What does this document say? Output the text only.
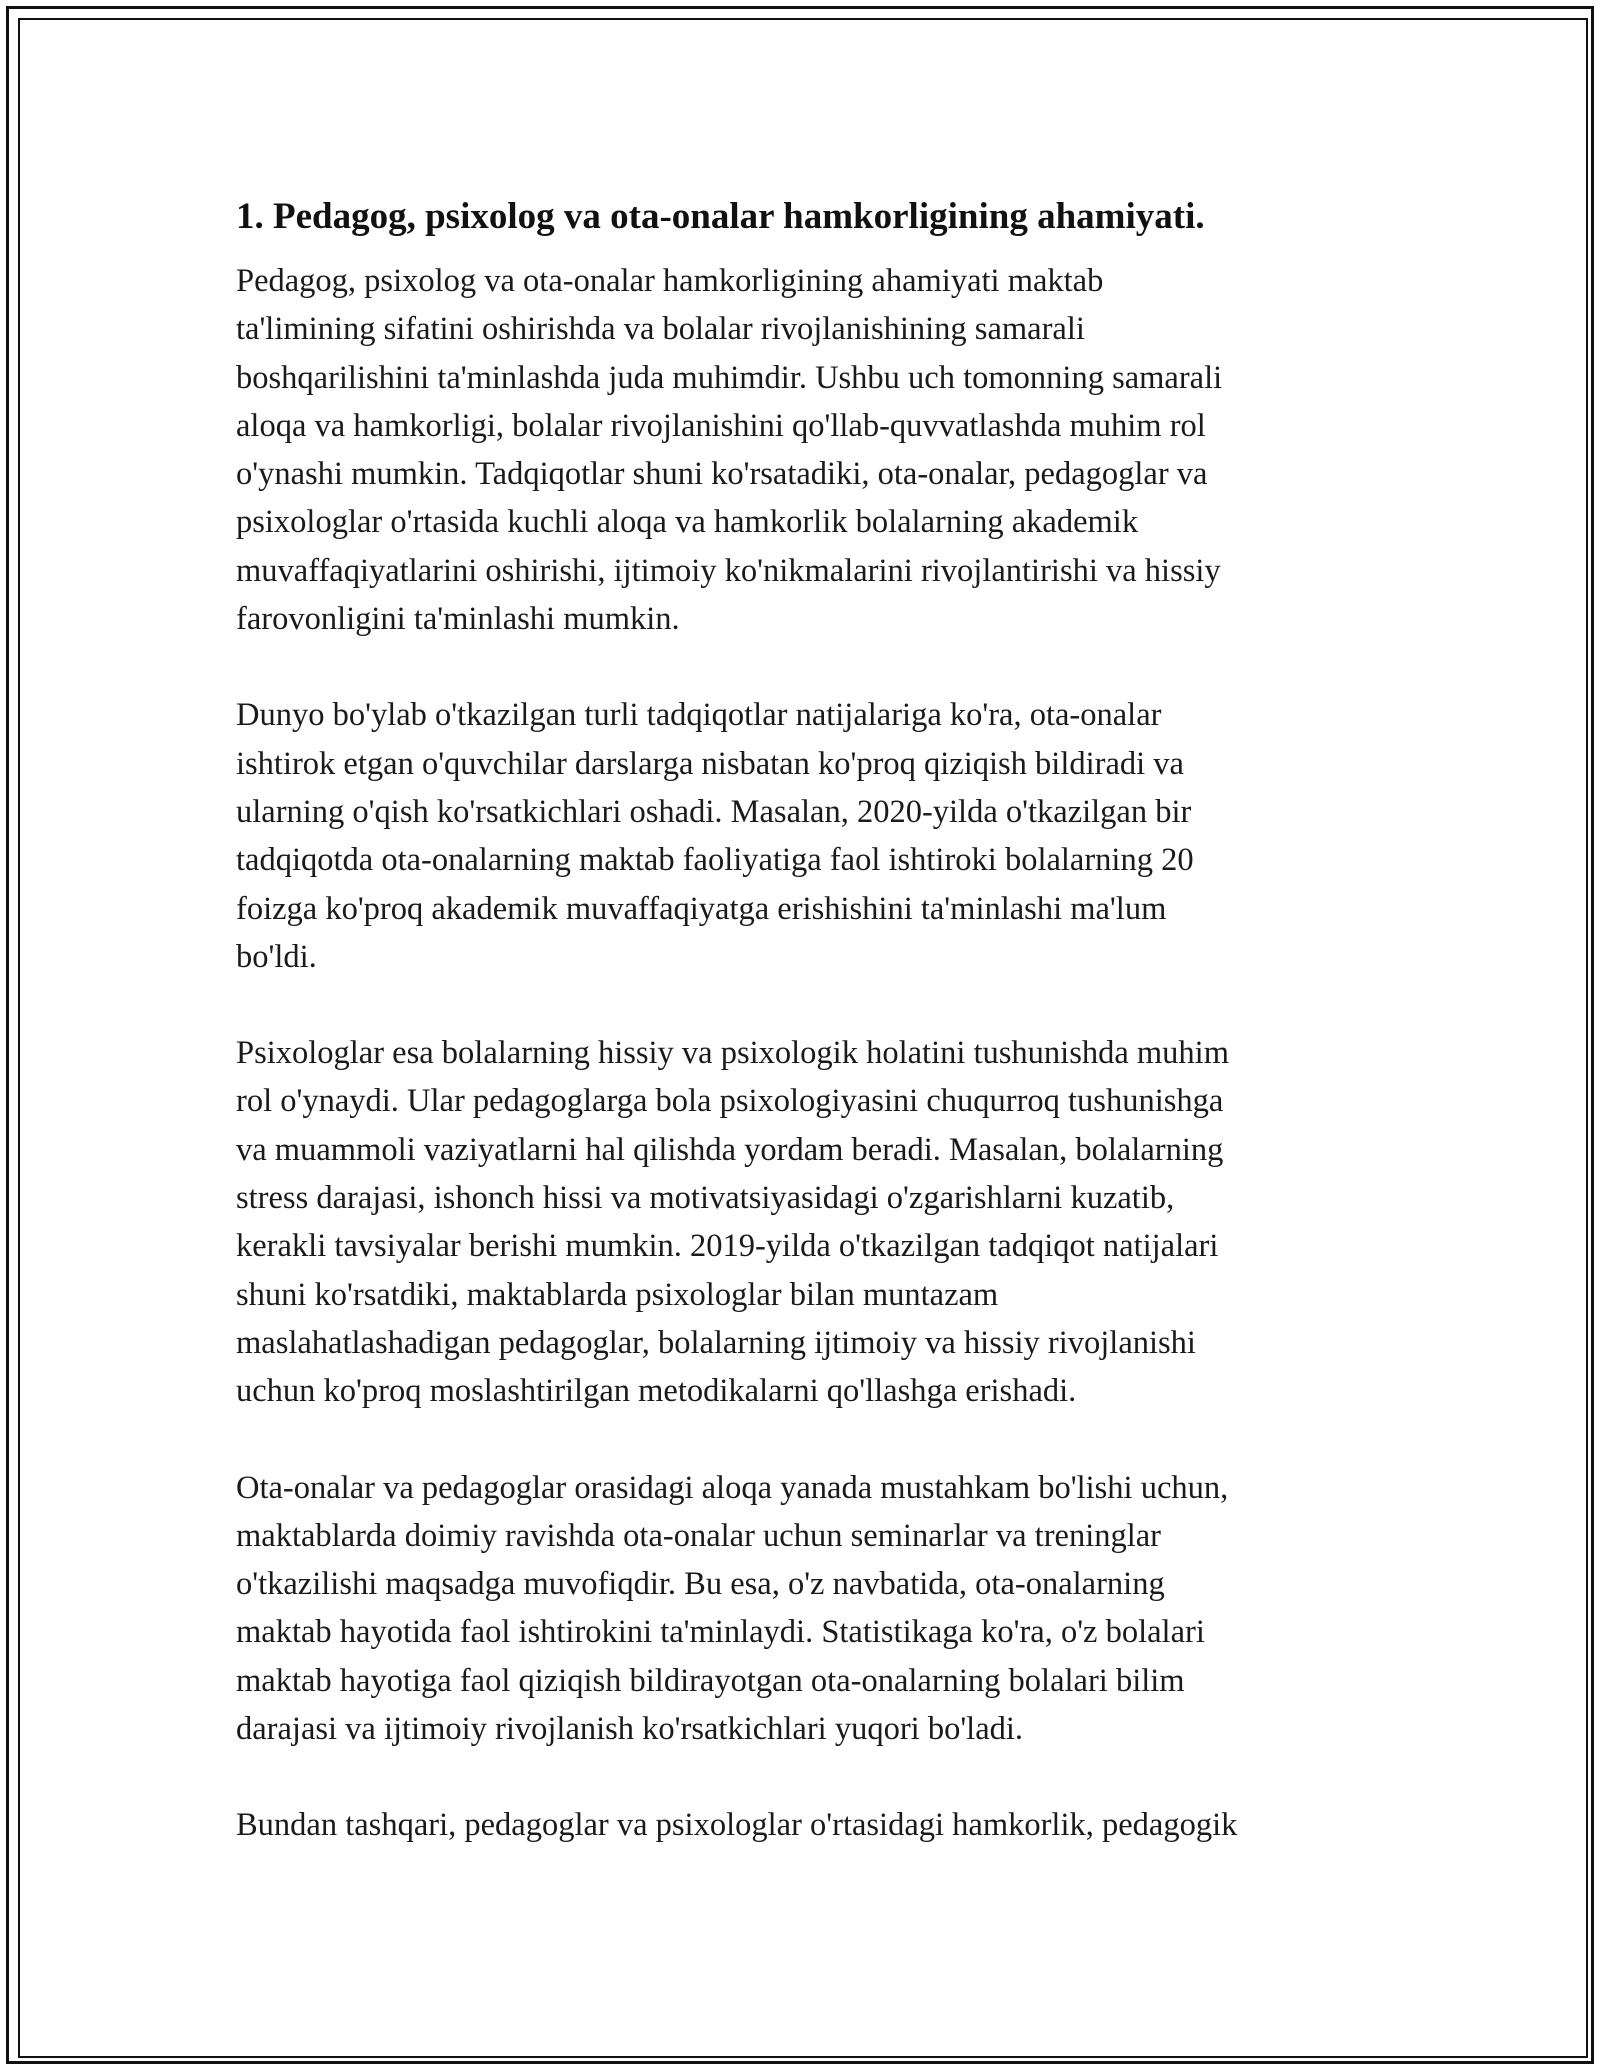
1. Pedagog, psixolog va ota-onalar hamkorligining ahamiyati.

Pedagog, psixolog va ota-onalar hamkorligining ahamiyati maktab
ta'limining sifatini oshirishda va bolalar rivojlanishining samarali
boshqarilishini ta'minlashda juda muhimdir. Ushbu uch tomonning samarali
aloqa va hamkorligi, bolalar rivojlanishini qo'llab-quvvatlashda muhim rol
o'ynashi mumkin. Tadqiqotlar shuni ko'rsatadiki, ota-onalar, pedagoglar va
psixologlar o'rtasida kuchli aloqa va hamkorlik bolalarning akademik
muvaffaqiyatlarini oshirishi, ijtimoiy ko'nikmalarini rivojlantirishi va hissiy
farovonligini ta'minlashi mumkin.

Dunyo bo'ylab o'tkazilgan turli tadqiqotlar natijalariga ko'ra, ota-onalar
ishtirok etgan o'quvchilar darslarga nisbatan ko'proq qiziqish bildiradi va
ularning o'qish ko'rsatkichlari oshadi. Masalan, 2020-yilda o'tkazilgan bir
tadqiqotda ota-onalarning maktab faoliyatiga faol ishtiroki bolalarning 20
foizga ko'proq akademik muvaffaqiyatga erishishini ta'minlashi ma'lum
bo'ldi.

Psixologlar esa bolalarning hissiy va psixologik holatini tushunishda muhim
rol o'ynaydi. Ular pedagoglarga bola psixologiyasini chuqurroq tushunishga
va muammoli vaziyatlarni hal qilishda yordam beradi. Masalan, bolalarning
stress darajasi, ishonch hissi va motivatsiyasidagi o'zgarishlarni kuzatib,
kerakli tavsiyalar berishi mumkin. 2019-yilda o'tkazilgan tadqiqot natijalari
shuni ko'rsatdiki, maktablarda psixologlar bilan muntazam
maslahatlashadigan pedagoglar, bolalarning ijtimoiy va hissiy rivojlanishi
uchun ko'proq moslashtirilgan metodikalarni qo'llashga erishadi.

Ota-onalar va pedagoglar orasidagi aloqa yanada mustahkam bo'lishi uchun,
maktablarda doimiy ravishda ota-onalar uchun seminarlar va treninglar
o'tkazilishi maqsadga muvofiqdir. Bu esa, o'z navbatida, ota-onalarning
maktab hayotida faol ishtirokini ta'minlaydi. Statistikaga ko'ra, o'z bolalari
maktab hayotiga faol qiziqish bildirayotgan ota-onalarning bolalari bilim
darajasi va ijtimoiy rivojlanish ko'rsatkichlari yuqori bo'ladi.

Bundan tashqari, pedagoglar va psixologlar o'rtasidagi hamkorlik, pedagogik
